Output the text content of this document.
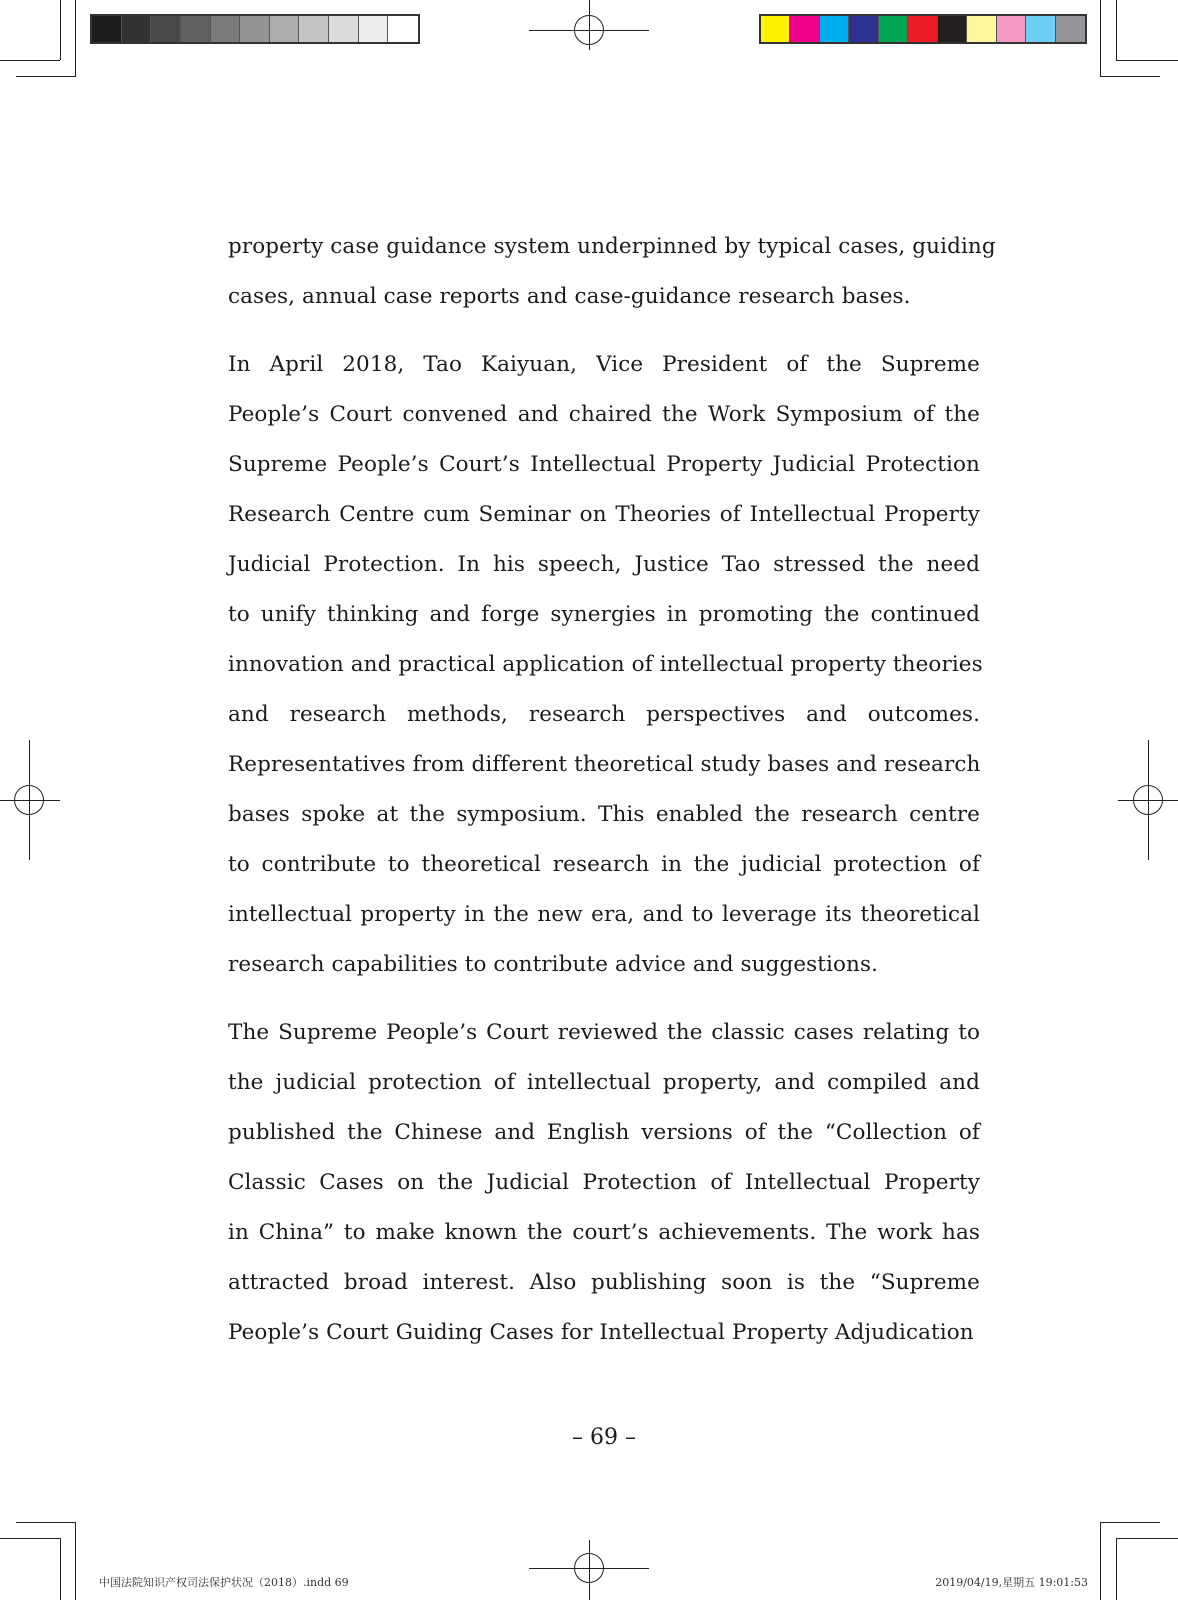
property case guidance system underpinned by typical cases, guiding
cases, annual case reports and case-guidance research bases.
In April 2018, Tao Kaiyuan, Vice President of the Supreme
People’s Court convened and chaired the Work Symposium of the
Supreme People’s Court’s Intellectual Property Judicial Protection
Research Centre cum Seminar on Theories of Intellectual Property
Judicial Protection. In his speech, Justice Tao stressed the need
to unify thinking and forge synergies in promoting the continued
innovation and practical application of intellectual property theories
and research methods, research perspectives and outcomes.
Representatives from different theoretical study bases and research
bases spoke at the symposium. This enabled the research centre
to contribute to theoretical research in the judicial protection of
intellectual property in the new era, and to leverage its theoretical
research capabilities to contribute advice and suggestions.
The Supreme People’s Court reviewed the classic cases relating to
the judicial protection of intellectual property, and compiled and
published the Chinese and English versions of the “Collection of
Classic Cases on the Judicial Protection of Intellectual Property
in China” to make known the court’s achievements. The work has
attracted broad interest. Also publishing soon is the “Supreme
People’s Court Guiding Cases for Intellectual Property Adjudication
– 69 –
中国法院知识产权司法保护状况（2018）.indd 69	2019/04/19,星期五 19:01:53
